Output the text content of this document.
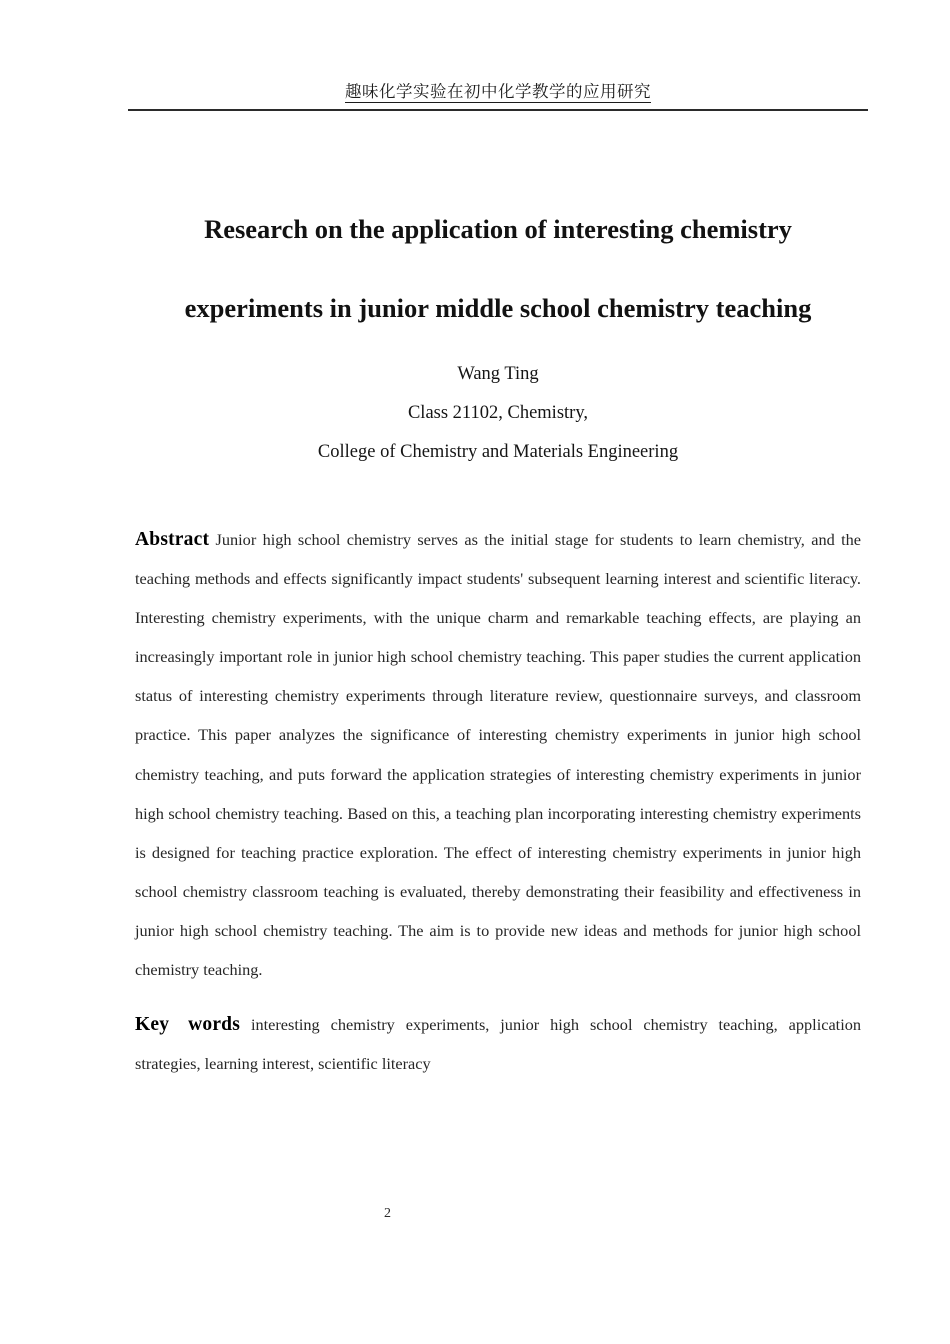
趣味化学实验在初中化学教学的应用研究
Research on the application of interesting chemistry
experiments in junior middle school chemistry teaching
Wang Ting
Class 21102, Chemistry,
College of Chemistry and Materials Engineering

Abstract Junior high school chemistry serves as the initial stage for students to learn chemistry, and the teaching methods and effects significantly impact students' subsequent learning interest and scientific literacy. Interesting chemistry experiments, with the unique charm and remarkable teaching effects, are playing an increasingly important role in junior high school chemistry teaching. This paper studies the current application status of interesting chemistry experiments through literature review, questionnaire surveys, and classroom practice. This paper analyzes the significance of interesting chemistry experiments in junior high school chemistry teaching, and puts forward the application strategies of interesting chemistry experiments in junior high school chemistry teaching. Based on this, a teaching plan incorporating interesting chemistry experiments is designed for teaching practice exploration. The effect of interesting chemistry experiments in junior high school chemistry classroom teaching is evaluated, thereby demonstrating their feasibility and effectiveness in junior high school chemistry teaching. The aim is to provide new ideas and methods for junior high school chemistry teaching.

Key words interesting chemistry experiments, junior high school chemistry teaching, application strategies, learning interest, scientific literacy

2
